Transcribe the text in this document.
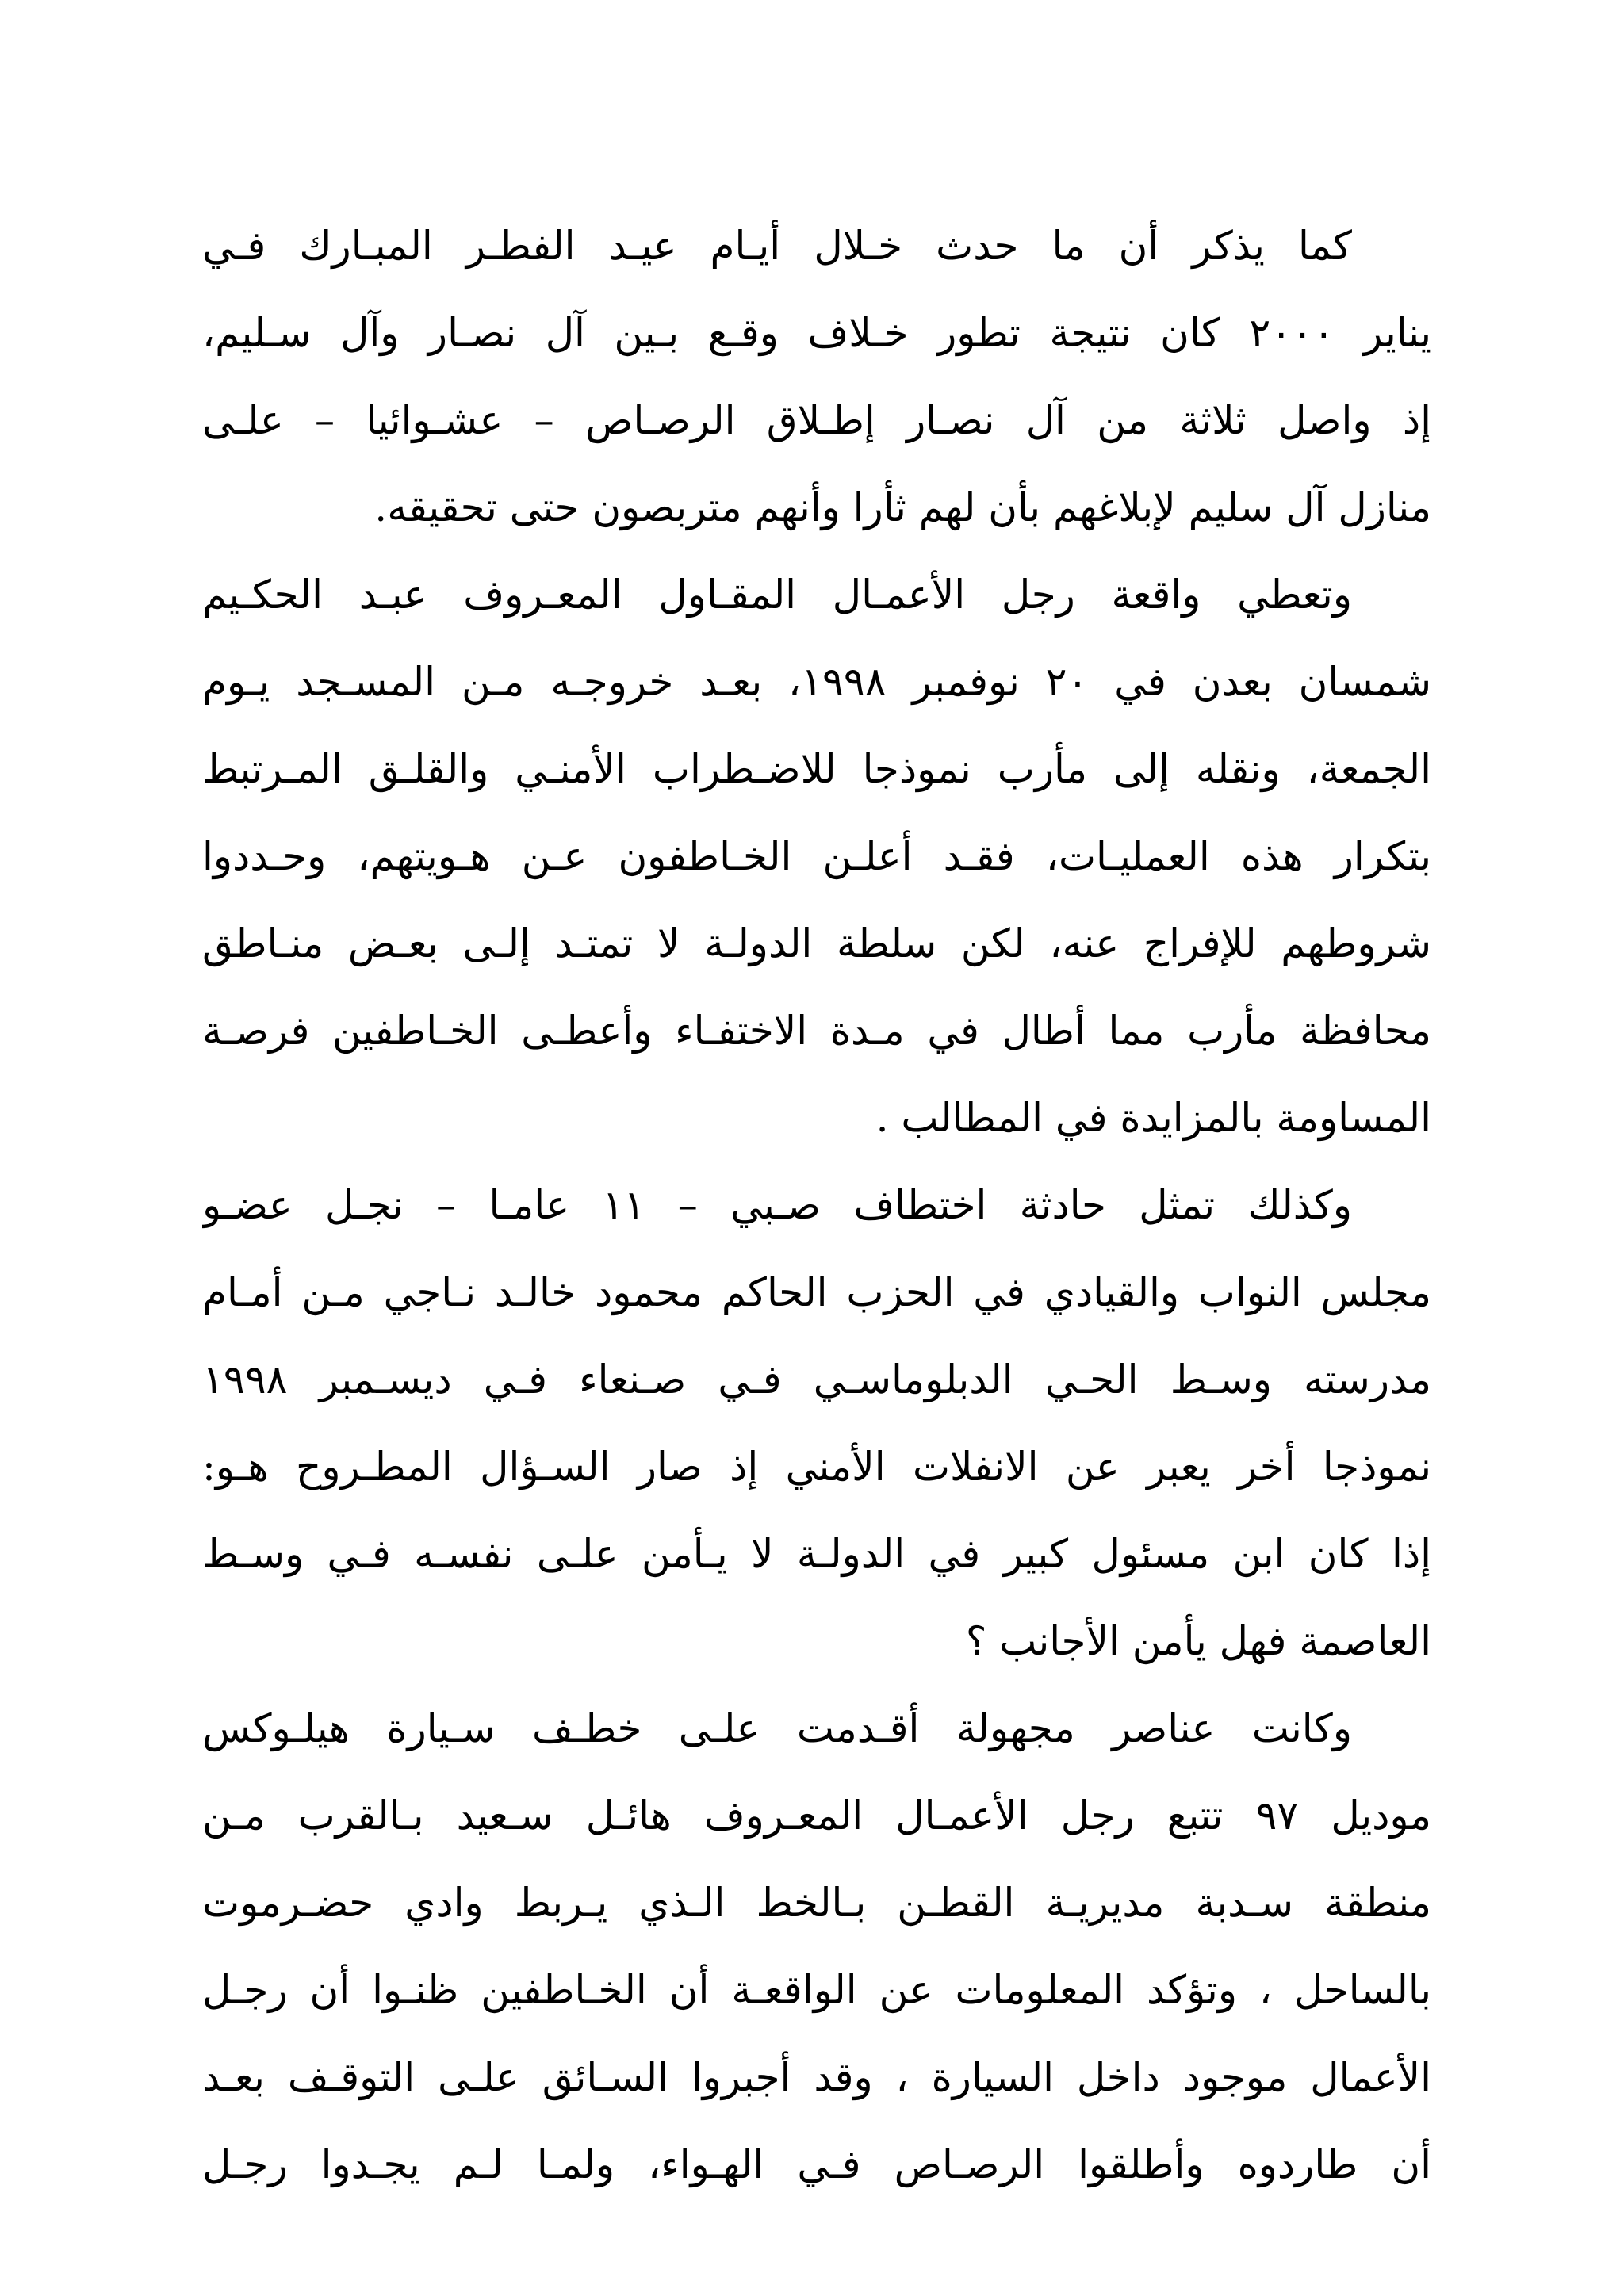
كما يذكر أن ما حدث خـلال أيـام عيـد الفطـر المبـارك فـي
يناير ٢٠٠٠ كان نتيجة تطور خـلاف وقـع بـين آل نصـار وآل سـليم،
إذ واصل ثلاثة من آل نصـار إطـلاق الرصـاص – عشـوائيا – علـى
منازل آل سليم لإبلاغهم بأن لهم ثأرا وأنهم متربصون حتى تحقيقه.
وتعطي واقعة رجل الأعمـال المقـاول المعـروف عبـد الحكـيم
شمسان بعدن في ٢٠ نوفمبر ١٩٩٨، بعـد خروجـه مـن المسـجد يـوم
الجمعة، ونقله إلى مأرب نموذجا للاضـطراب الأمنـي والقلـق المـرتبط
بتكرار هذه العمليـات، فقـد أعلـن الخـاطفون عـن هـويتهم، وحـددوا
شروطهم للإفراج عنه، لكن سلطة الدولـة لا تمتـد إلـى بعـض منـاطق
محافظة مأرب مما أطال في مـدة الاختفـاء وأعطـى الخـاطفين فرصـة
المساومة بالمزايدة في المطالب .
وكذلك تمثل حادثة اختطاف صـبي – ١١ عامـا – نجـل عضـو
مجلس النواب والقيادي في الحزب الحاكم محمود خالـد نـاجي مـن أمـام
مدرسته وسـط الحـي الدبلوماسـي فـي صـنعاء فـي ديسـمبر ١٩٩٨
نموذجا أخر يعبر عن الانفلات الأمني إذ صار السـؤال المطـروح هـو:
إذا كان ابن مسئول كبير في الدولـة لا يـأمن علـى نفسـه فـي وسـط
العاصمة فهل يأمن الأجانب ؟
وكانت عناصر مجهولة أقـدمت علـى خطـف سـيارة هيلـوكس
موديل ٩٧ تتبع رجل الأعمـال المعـروف هائـل سـعيد بـالقرب مـن
منطقة سـدبة مديريـة القطـن بـالخط الـذي يـربط وادي حضـرموت
بالساحل ، وتؤكد المعلومات عن الواقعـة أن الخـاطفين ظنـوا أن رجـل
الأعمال موجود داخل السيارة ، وقد أجبروا السـائق علـى التوقـف بعـد
أن طاردوه وأطلقوا الرصـاص فـي الهـواء، ولمـا لـم يجـدوا رجـل
